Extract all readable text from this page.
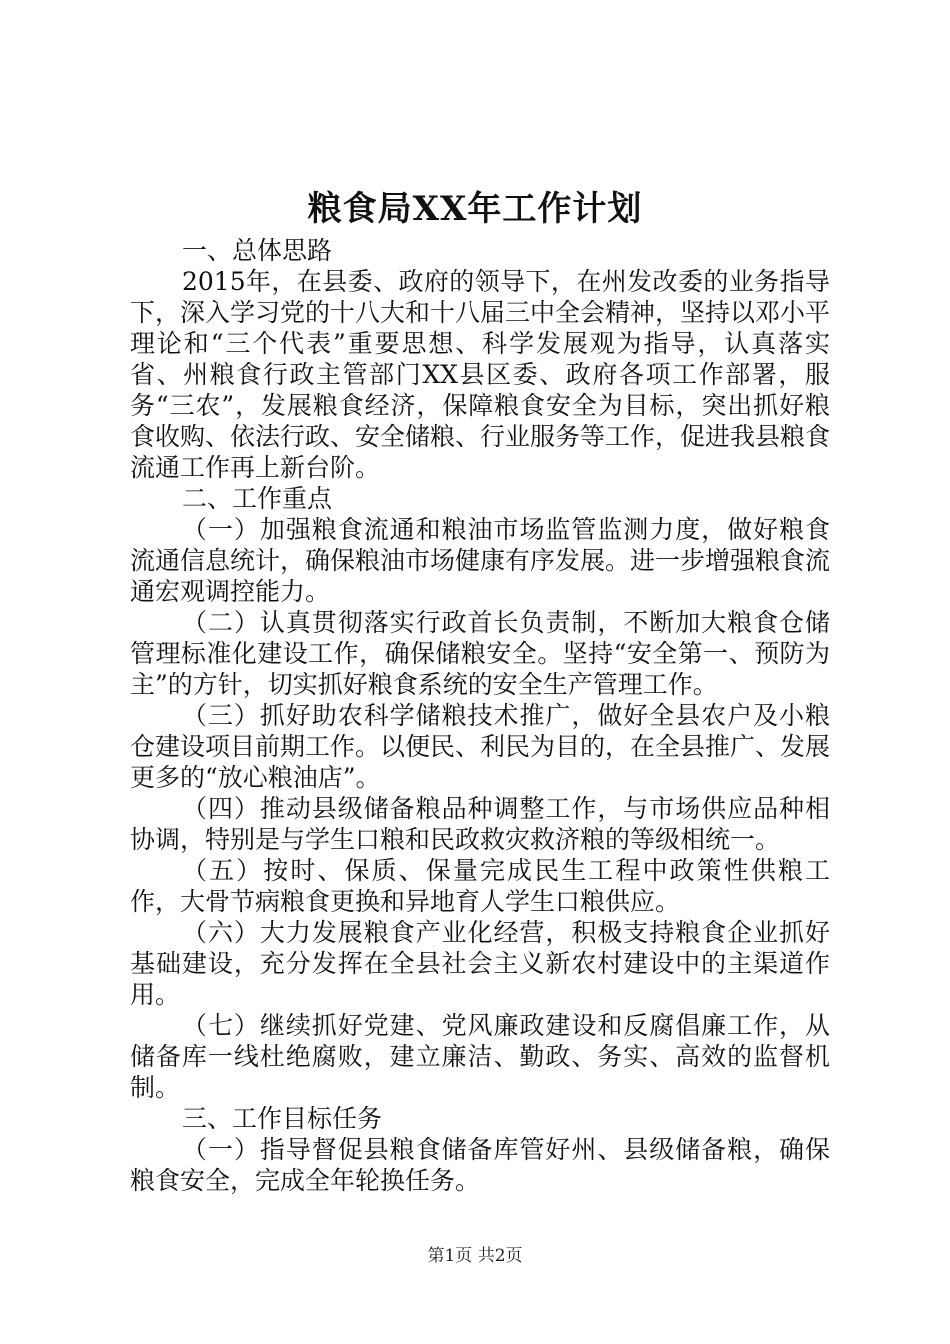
粮食局XX年工作计划

一、总体思路

2015年，在县委、政府的领导下，在州发改委的业务指导下，深入学习党的十八大和十八届三中全会精神，坚持以邓小平理论和“三个代表”重要思想、科学发展观为指导，认真落实省、州粮食行政主管部门XX县区委、政府各项工作部署，服务“三农”，发展粮食经济，保障粮食安全为目标，突出抓好粮食收购、依法行政、安全储粮、行业服务等工作，促进我县粮食流通工作再上新台阶。

二、工作重点

（一）加强粮食流通和粮油市场监管监测力度，做好粮食流通信息统计，确保粮油市场健康有序发展。进一步增强粮食流通宏观调控能力。

（二）认真贯彻落实行政首长负责制，不断加大粮食仓储管理标准化建设工作，确保储粮安全。坚持“安全第一、预防为主”的方针，切实抓好粮食系统的安全生产管理工作。

（三）抓好助农科学储粮技术推广，做好全县农户及小粮仓建设项目前期工作。以便民、利民为目的，在全县推广、发展更多的“放心粮油店”。

（四）推动县级储备粮品种调整工作，与市场供应品种相协调，特别是与学生口粮和民政救灾救济粮的等级相统一。

（五）按时、保质、保量完成民生工程中政策性供粮工作，大骨节病粮食更换和异地育人学生口粮供应。

（六）大力发展粮食产业化经营，积极支持粮食企业抓好基础建设，充分发挥在全县社会主义新农村建设中的主渠道作用。

（七）继续抓好党建、党风廉政建设和反腐倡廉工作，从储备库一线杜绝腐败，建立廉洁、勤政、务实、高效的监督机制。

三、工作目标任务

（一）指导督促县粮食储备库管好州、县级储备粮，确保粮食安全，完成全年轮换任务。

第1页 共2页
